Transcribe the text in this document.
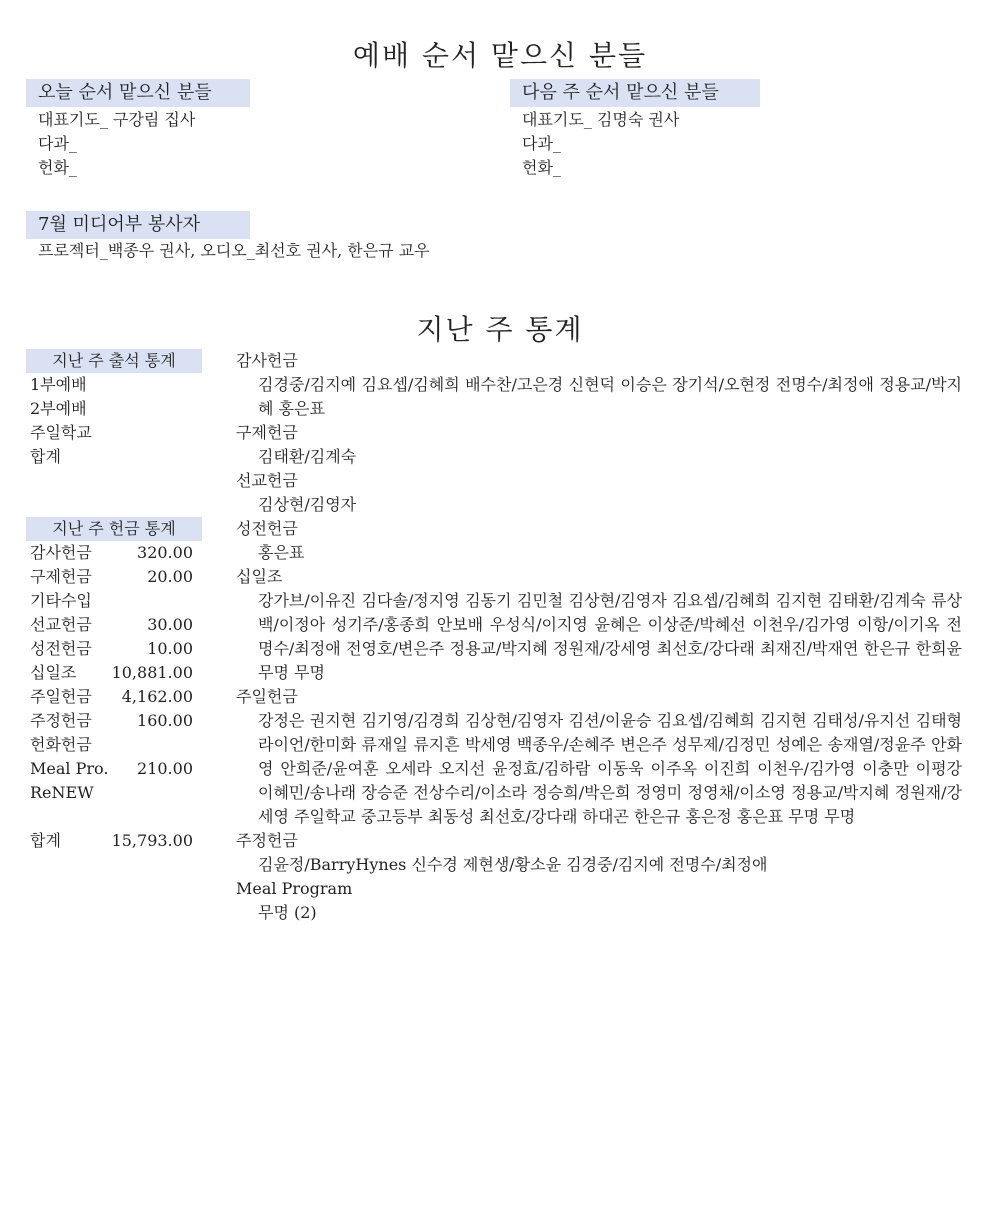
예배 순서 맡으신 분들
오늘 순서 맡으신 분들
대표기도_ 구강림 집사
다과_
헌화_
다음 주 순서 맡으신 분들
대표기도_ 김명숙 권사
다과_
헌화_
7월 미디어부 봉사자
프로젝터_백종우 권사, 오디오_최선호 권사, 한은규 교우
지난 주 통계
지난 주 출석 통계
1부예배
2부예배
주일학교
합계
지난 주 헌금 통계
감사헌금	320.00
구제헌금	20.00
기타수입
선교헌금	30.00
성전헌금	10.00
십일조	10,881.00
주일헌금	4,162.00
주정헌금	160.00
헌화헌금
Meal Pro.	210.00
ReNEW
합계	15,793.00
감사헌금
김경중/김지예 김요셉/김혜희 배수찬/고은경 신현덕 이승은 장기석/오현정 전명수/최정애 정용교/박지혜 홍은표
구제헌금
김태환/김계숙
선교헌금
김상현/김영자
성전헌금
홍은표
십일조
강가브/이유진 김다솔/정지영 김동기 김민철 김상현/김영자 김요셉/김혜희 김지현 김태환/김계숙 류상백/이정아 성기주/홍종희 안보배 우성식/이지영 윤혜은 이상준/박혜선 이천우/김가영 이항/이기옥 전명수/최정애 전영호/변은주 정용교/박지혜 정원재/강세영 최선호/강다래 최재진/박재연 한은규 한희윤 무명 무명
주일헌금
강정은 권지현 김기영/김경희 김상현/김영자 김션/이윤승 김요셉/김혜희 김지현 김태성/유지선 김태형 라이언/한미화 류재일 류지흔 박세영 백종우/손혜주 변은주 성무제/김정민 성예은 송재열/정윤주 안화영 안희준/윤여훈 오세라 오지선 윤정효/김하람 이동욱 이주옥 이진희 이천우/김가영 이충만 이평강 이혜민/송나래 장승준 전상수리/이소라 정승희/박은희 정영미 정영채/이소영 정용교/박지혜 정원재/강세영 주일학교 중고등부 최동성 최선호/강다래 하대곤 한은규 홍은정 홍은표 무명 무명
주정헌금
김윤정/BarryHynes 신수경 제현생/황소윤 김경중/김지예 전명수/최정애
Meal Program
무명 (2)
